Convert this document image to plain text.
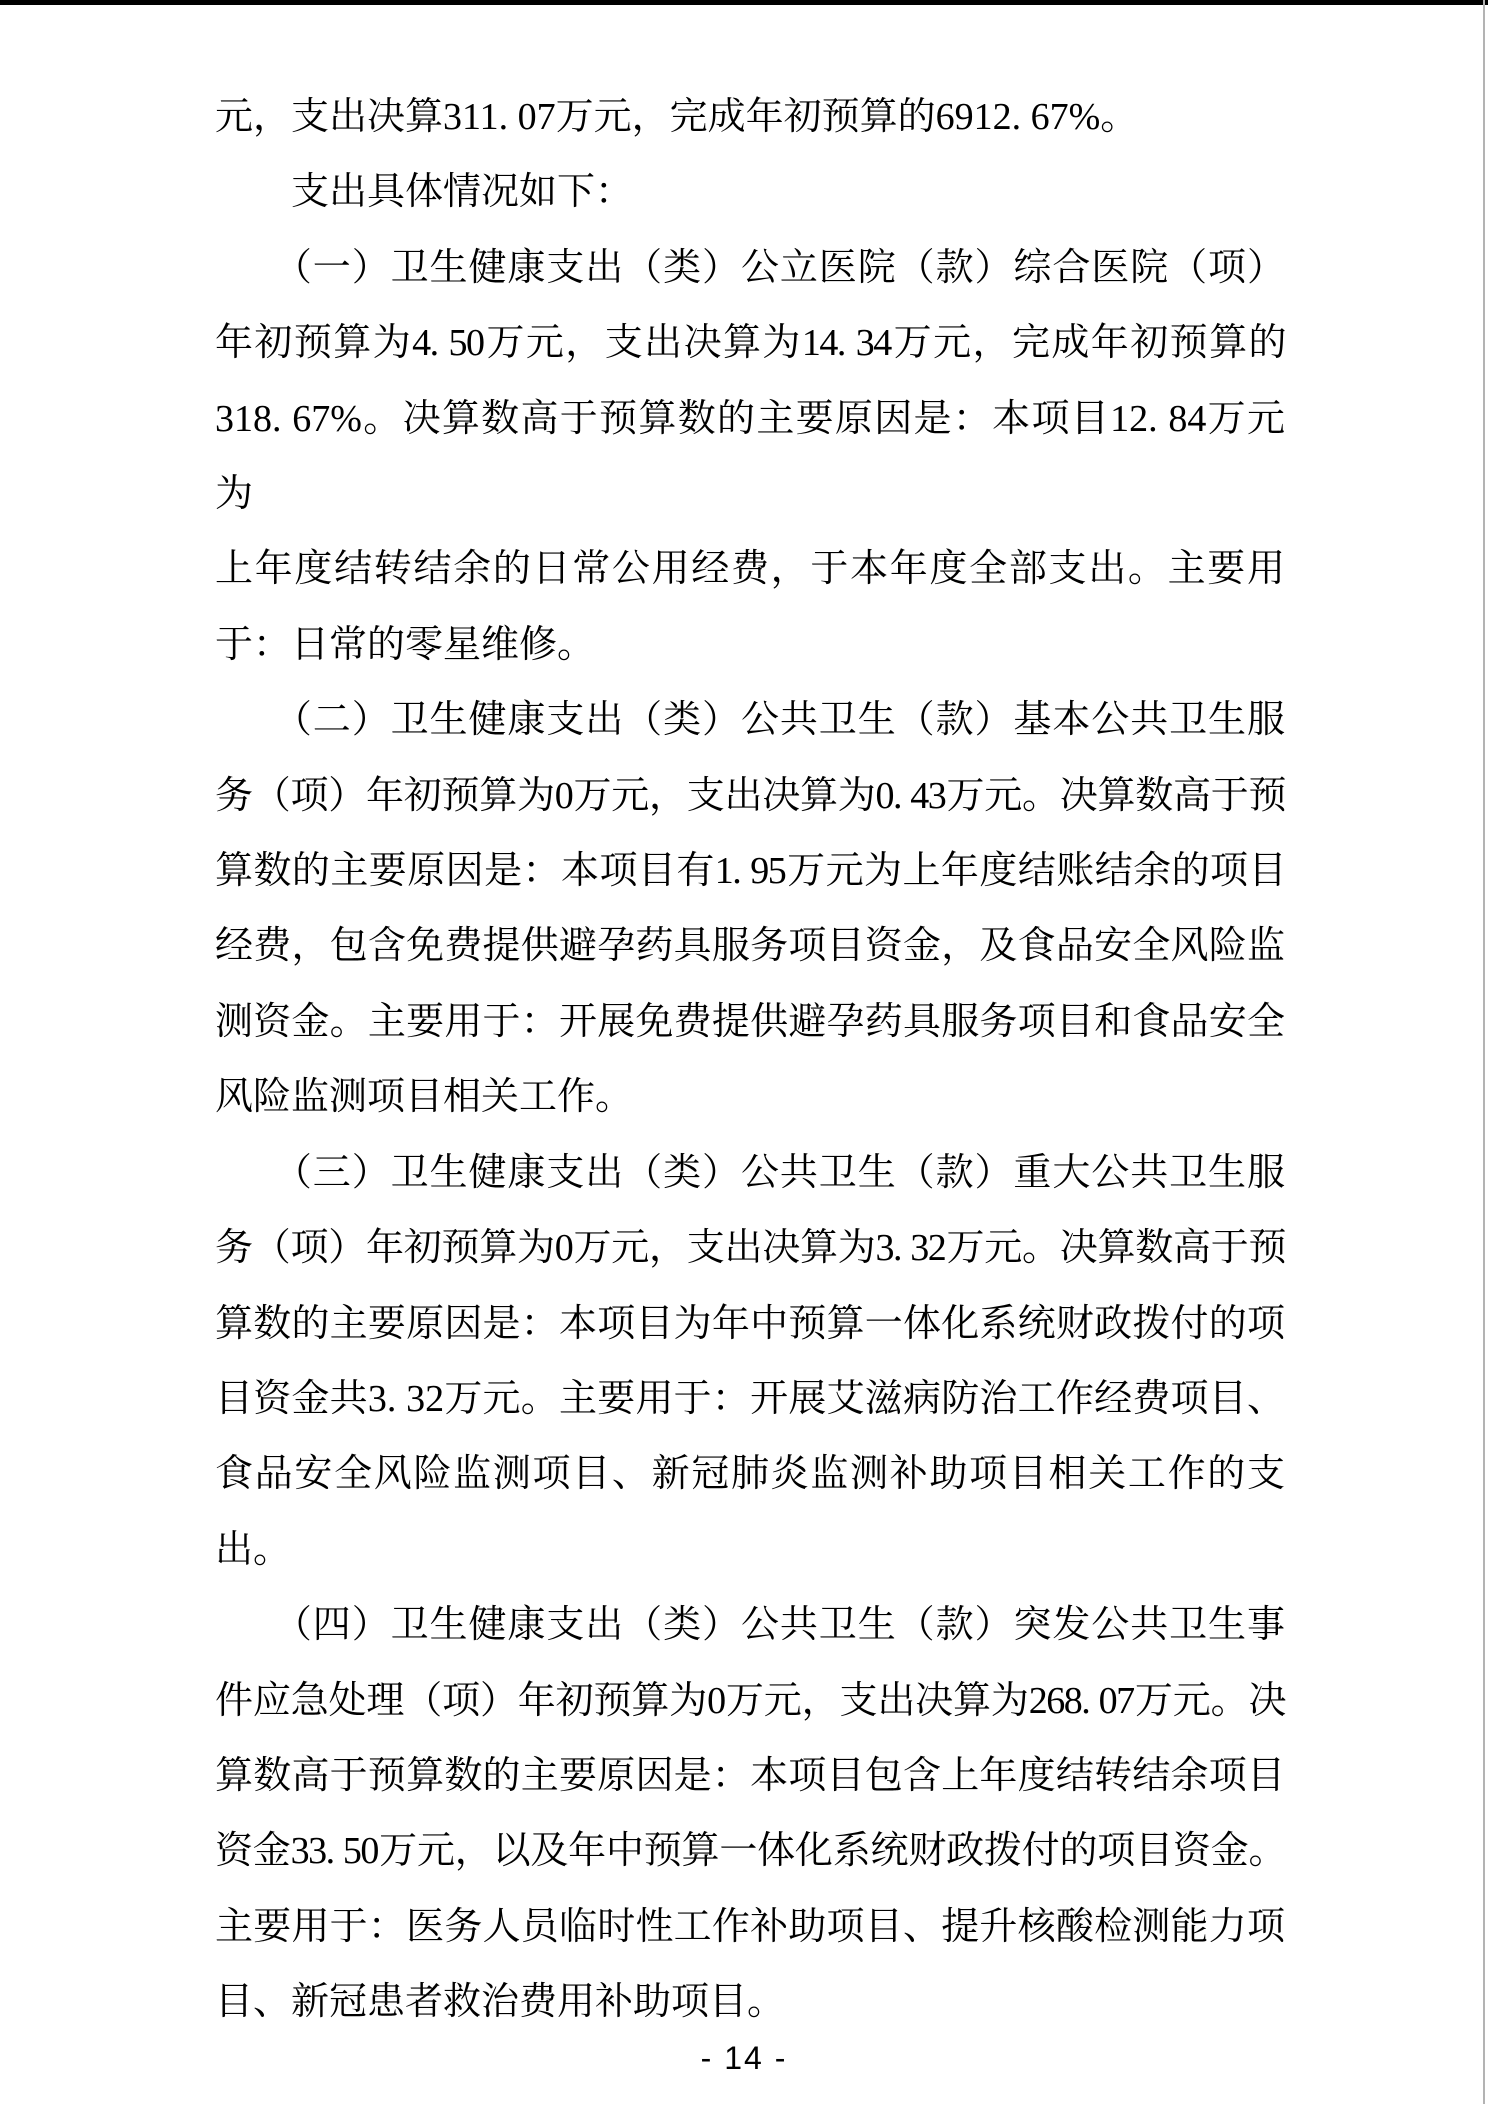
元，支出决算311. 07万元，完成年初预算的6912. 67%。
　　支出具体情况如下：
　　（一）卫生健康支出（类）公立医院（款）综合医院（项）
年初预算为4. 50万元，支出决算为14. 34万元，完成年初预算的
318. 67%。决算数高于预算数的主要原因是：本项目12. 84万元为
上年度结转结余的日常公用经费，于本年度全部支出。主要用
于：日常的零星维修。
　　（二）卫生健康支出（类）公共卫生（款）基本公共卫生服
务（项）年初预算为0万元，支出决算为0. 43万元。决算数高于预
算数的主要原因是：本项目有1. 95万元为上年度结账结余的项目
经费，包含免费提供避孕药具服务项目资金，及食品安全风险监
测资金。主要用于：开展免费提供避孕药具服务项目和食品安全
风险监测项目相关工作。
　　（三）卫生健康支出（类）公共卫生（款）重大公共卫生服
务（项）年初预算为0万元，支出决算为3. 32万元。决算数高于预
算数的主要原因是：本项目为年中预算一体化系统财政拨付的项
目资金共3. 32万元。主要用于：开展艾滋病防治工作经费项目、
食品安全风险监测项目、新冠肺炎监测补助项目相关工作的支
出。
　　（四）卫生健康支出（类）公共卫生（款）突发公共卫生事
件应急处理（项）年初预算为0万元，支出决算为268. 07万元。决
算数高于预算数的主要原因是：本项目包含上年度结转结余项目
资金33. 50万元，以及年中预算一体化系统财政拨付的项目资金。
主要用于：医务人员临时性工作补助项目、提升核酸检测能力项
目、新冠患者救治费用补助项目。
- 14 -
